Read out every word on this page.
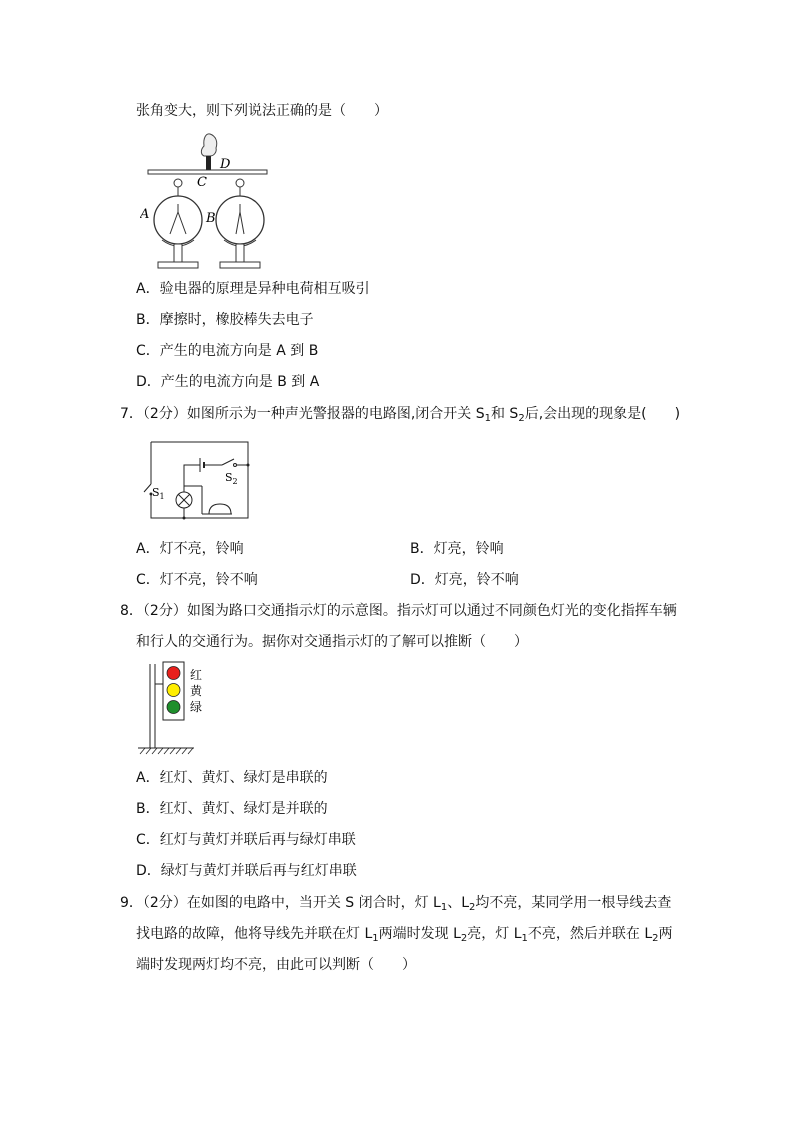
张角变大，则下列说法正确的是（　　）
D
C
A	B
A．验电器的原理是异种电荷相互吸引
B．摩擦时，橡胶棒失去电子
C．产生的电流方向是 A 到 B
D．产生的电流方向是 B 到 A
7．（2分）如图所示为一种声光警报器的电路图,闭合开关 $S_1$和 $S_2$后,会出现的现象是(　　)
$S_1$
$S_2$
A．灯不亮，铃响	B．灯亮，铃响
C．灯不亮，铃不响	D．灯亮，铃不响
8．（2分）如图为路口交通指示灯的示意图。指示灯可以通过不同颜色灯光的变化指挥车辆
和行人的交通行为。据你对交通指示灯的了解可以推断（　　）
红
黄
绿
A．红灯、黄灯、绿灯是串联的
B．红灯、黄灯、绿灯是并联的
C．红灯与黄灯并联后再与绿灯串联
D．绿灯与黄灯并联后再与红灯串联
9．（2分）在如图的电路中，当开关 S 闭合时，灯 $L_1$、$L_2$均不亮，某同学用一根导线去查
找电路的故障，他将导线先并联在灯 $L_1$两端时发现 $L_2$亮，灯 $L_1$不亮，然后并联在 $L_2$两
端时发现两灯均不亮，由此可以判断（　　）
